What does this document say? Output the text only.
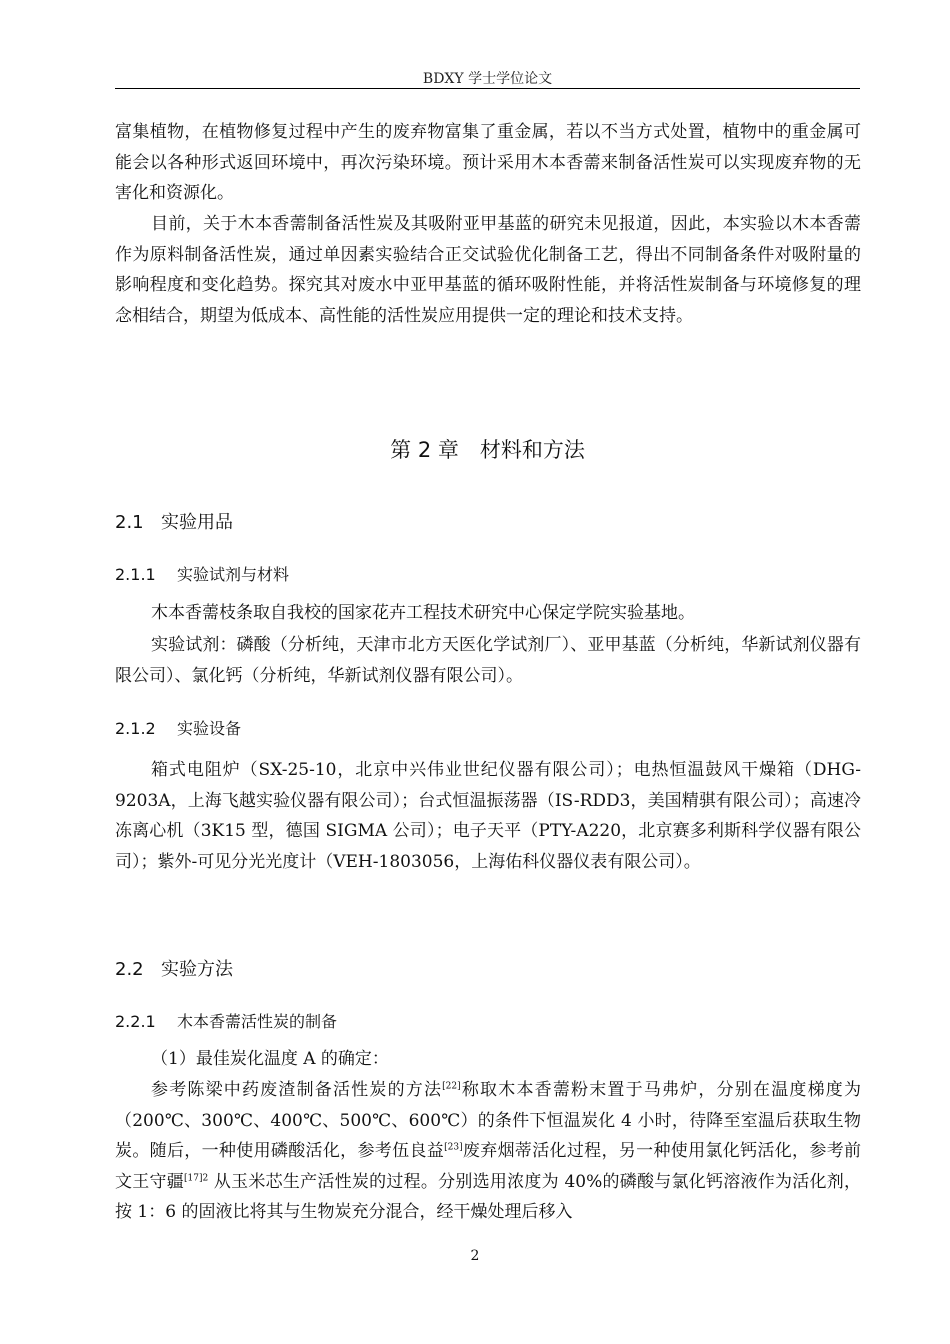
BDXY 学士学位论文

富集植物，在植物修复过程中产生的废弃物富集了重金属，若以不当方式处置，植物中的重金属可能会以各种形式返回环境中，再次污染环境。预计采用木本香薷来制备活性炭可以实现废弃物的无害化和资源化。

目前，关于木本香薷制备活性炭及其吸附亚甲基蓝的研究未见报道，因此，本实验以木本香薷作为原料制备活性炭，通过单因素实验结合正交试验优化制备工艺，得出不同制备条件对吸附量的影响程度和变化趋势。探究其对废水中亚甲基蓝的循环吸附性能，并将活性炭制备与环境修复的理念相结合，期望为低成本、高性能的活性炭应用提供一定的理论和技术支持。

第 2 章　材料和方法
2.1 实验用品
2.1.1 实验试剂与材料

木本香薷枝条取自我校的国家花卉工程技术研究中心保定学院实验基地。

实验试剂：磷酸（分析纯，天津市北方天医化学试剂厂）、亚甲基蓝（分析纯，华新试剂仪器有限公司）、氯化钙（分析纯，华新试剂仪器有限公司）。

2.1.2 实验设备

箱式电阻炉（SX-25-10，北京中兴伟业世纪仪器有限公司）；电热恒温鼓风干燥箱（DHG-9203A，上海飞越实验仪器有限公司）；台式恒温振荡器（IS-RDD3，美国精骐有限公司）；高速冷冻离心机（3K15 型，德国 SIGMA 公司）；电子天平（PTY-A220，北京赛多利斯科学仪器有限公司）；紫外-可见分光光度计（VEH-1803056，上海佑科仪器仪表有限公司）。

2.2 实验方法
2.2.1 木本香薷活性炭的制备

（1）最佳炭化温度 A 的确定：

参考陈梁中药废渣制备活性炭的方法[22]称取木本香薷粉末置于马弗炉，分别在温度梯度为（200℃、300℃、400℃、500℃、600℃）的条件下恒温炭化 4 小时，待降至室温后获取生物炭。随后，一种使用磷酸活化，参考伍良益[23]废弃烟蒂活化过程，另一种使用氯化钙活化，参考前文王守疆$^{[17]2}$ 从玉米芯生产活性炭的过程。分别选用浓度为 40%的磷酸与氯化钙溶液作为活化剂，按 1：6 的固液比将其与生物炭充分混合，经干燥处理后移入

2
